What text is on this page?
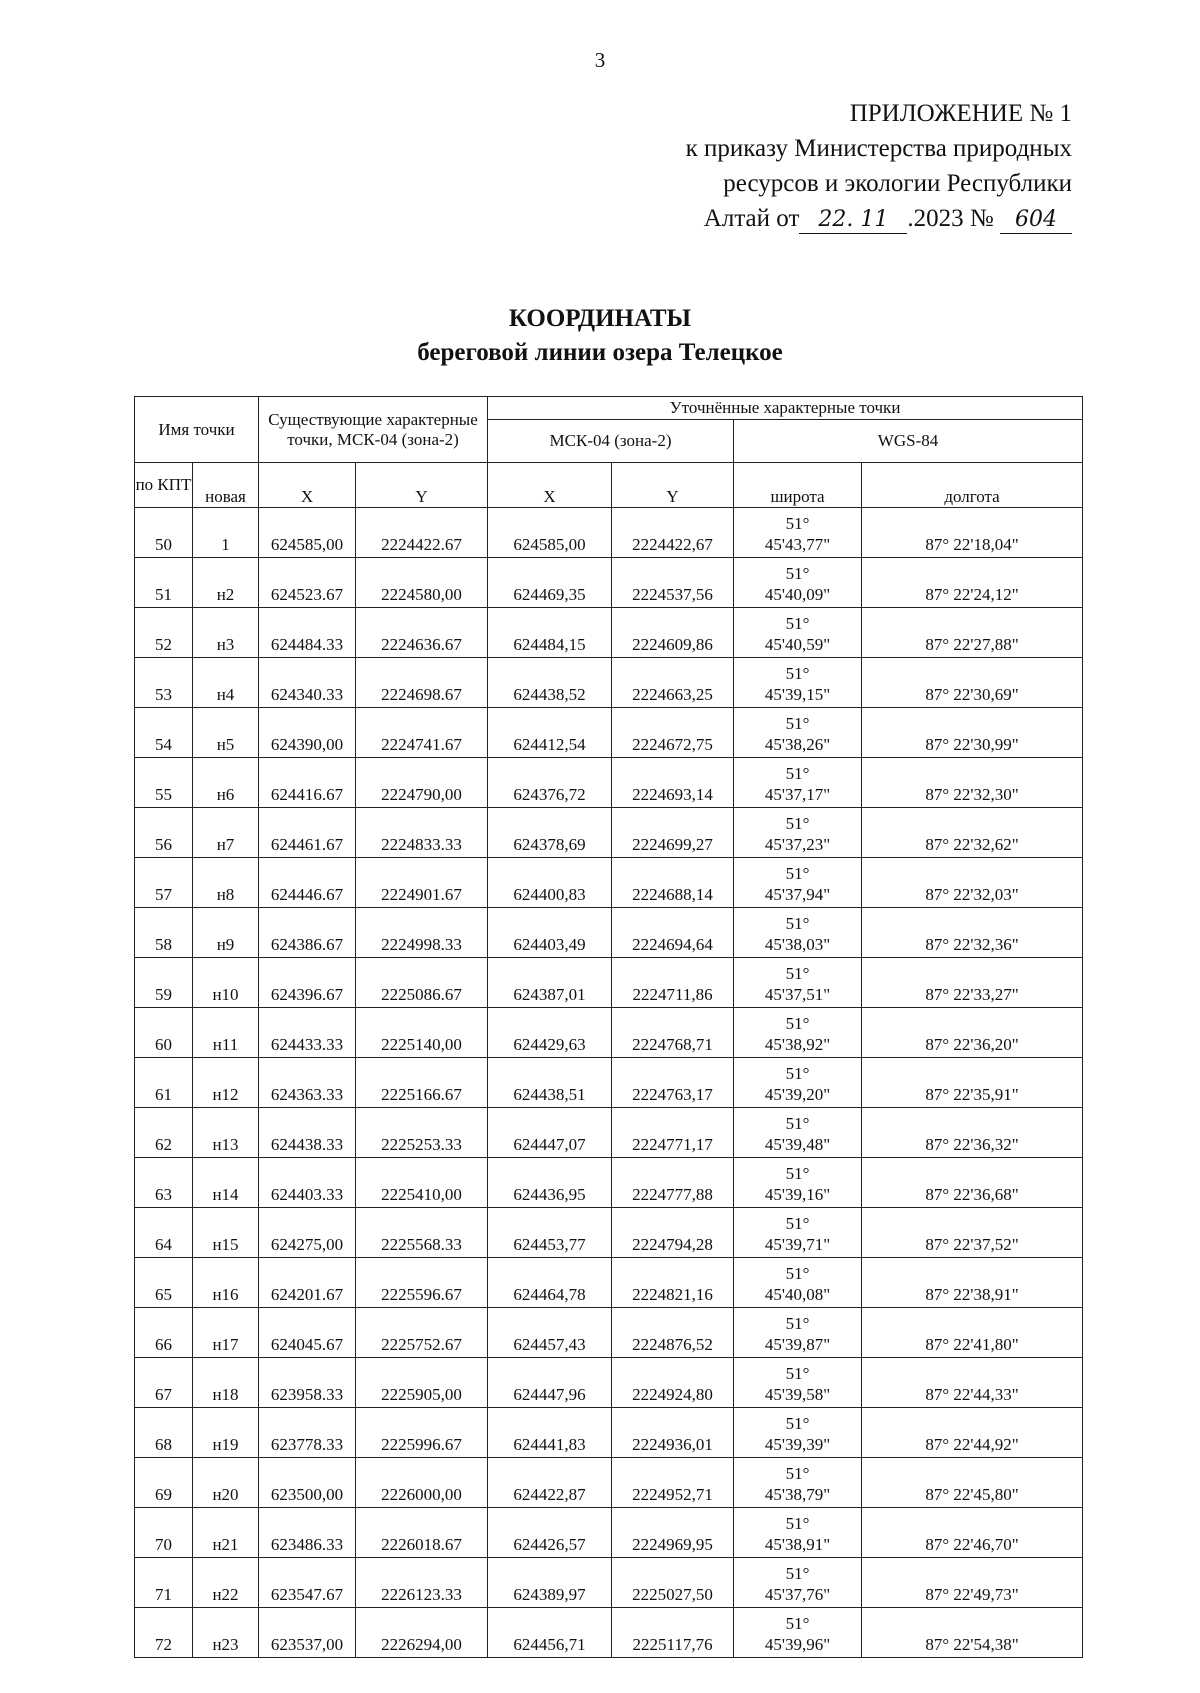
3
ПРИЛОЖЕНИЕ № 1
к приказу Министерства природных
ресурсов и экологии Республики
Алтай от 22. 11 .2023 № 604
КООРДИНАТЫ
береговой линии озера Телецкое
Имя точки		Существующие характерные точки, МСК-04 (зона-2)		Уточнённые характерные точки			
				МСК-04 (зона-2)		WGS-84	
по КПТ	новая	X	Y	X	Y	широта	долгота
50	1	624585,00	2224422.67	624585,00	2224422,67	51°
45'43,77"	87° 22'18,04"
51	н2	624523.67	2224580,00	624469,35	2224537,56	51°
45'40,09"	87° 22'24,12"
52	н3	624484.33	2224636.67	624484,15	2224609,86	51°
45'40,59"	87° 22'27,88"
53	н4	624340.33	2224698.67	624438,52	2224663,25	51°
45'39,15"	87° 22'30,69"
54	н5	624390,00	2224741.67	624412,54	2224672,75	51°
45'38,26"	87° 22'30,99"
55	н6	624416.67	2224790,00	624376,72	2224693,14	51°
45'37,17"	87° 22'32,30"
56	н7	624461.67	2224833.33	624378,69	2224699,27	51°
45'37,23"	87° 22'32,62"
57	н8	624446.67	2224901.67	624400,83	2224688,14	51°
45'37,94"	87° 22'32,03"
58	н9	624386.67	2224998.33	624403,49	2224694,64	51°
45'38,03"	87° 22'32,36"
59	н10	624396.67	2225086.67	624387,01	2224711,86	51°
45'37,51"	87° 22'33,27"
60	н11	624433.33	2225140,00	624429,63	2224768,71	51°
45'38,92"	87° 22'36,20"
61	н12	624363.33	2225166.67	624438,51	2224763,17	51°
45'39,20"	87° 22'35,91"
62	н13	624438.33	2225253.33	624447,07	2224771,17	51°
45'39,48"	87° 22'36,32"
63	н14	624403.33	2225410,00	624436,95	2224777,88	51°
45'39,16"	87° 22'36,68"
64	н15	624275,00	2225568.33	624453,77	2224794,28	51°
45'39,71"	87° 22'37,52"
65	н16	624201.67	2225596.67	624464,78	2224821,16	51°
45'40,08"	87° 22'38,91"
66	н17	624045.67	2225752.67	624457,43	2224876,52	51°
45'39,87"	87° 22'41,80"
67	н18	623958.33	2225905,00	624447,96	2224924,80	51°
45'39,58"	87° 22'44,33"
68	н19	623778.33	2225996.67	624441,83	2224936,01	51°
45'39,39"	87° 22'44,92"
69	н20	623500,00	2226000,00	624422,87	2224952,71	51°
45'38,79"	87° 22'45,80"
70	н21	623486.33	2226018.67	624426,57	2224969,95	51°
45'38,91"	87° 22'46,70"
71	н22	623547.67	2226123.33	624389,97	2225027,50	51°
45'37,76"	87° 22'49,73"
72	н23	623537,00	2226294,00	624456,71	2225117,76	51°
45'39,96"	87° 22'54,38"
